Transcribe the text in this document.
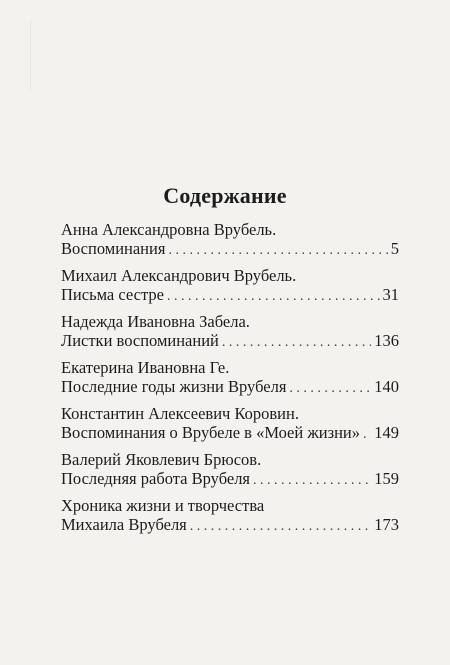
Содержание
Анна Александровна Врубель.
Воспоминания . . .	5
Михаил Александрович Врубель.
Письма сестре . . .	31
Надежда Ивановна Забела.
Листки воспоминаний . . .	136
Екатерина Ивановна Ге.
Последние годы жизни Врубеля . . .	140
Константин Алексеевич Коровин.
Воспоминания о Врубеле в «Моей жизни» . . . 149
Валерий Яковлевич Брюсов.
Последняя работа Врубеля . . .	159
Хроника жизни и творчества
Михаила Врубеля . . .	173
